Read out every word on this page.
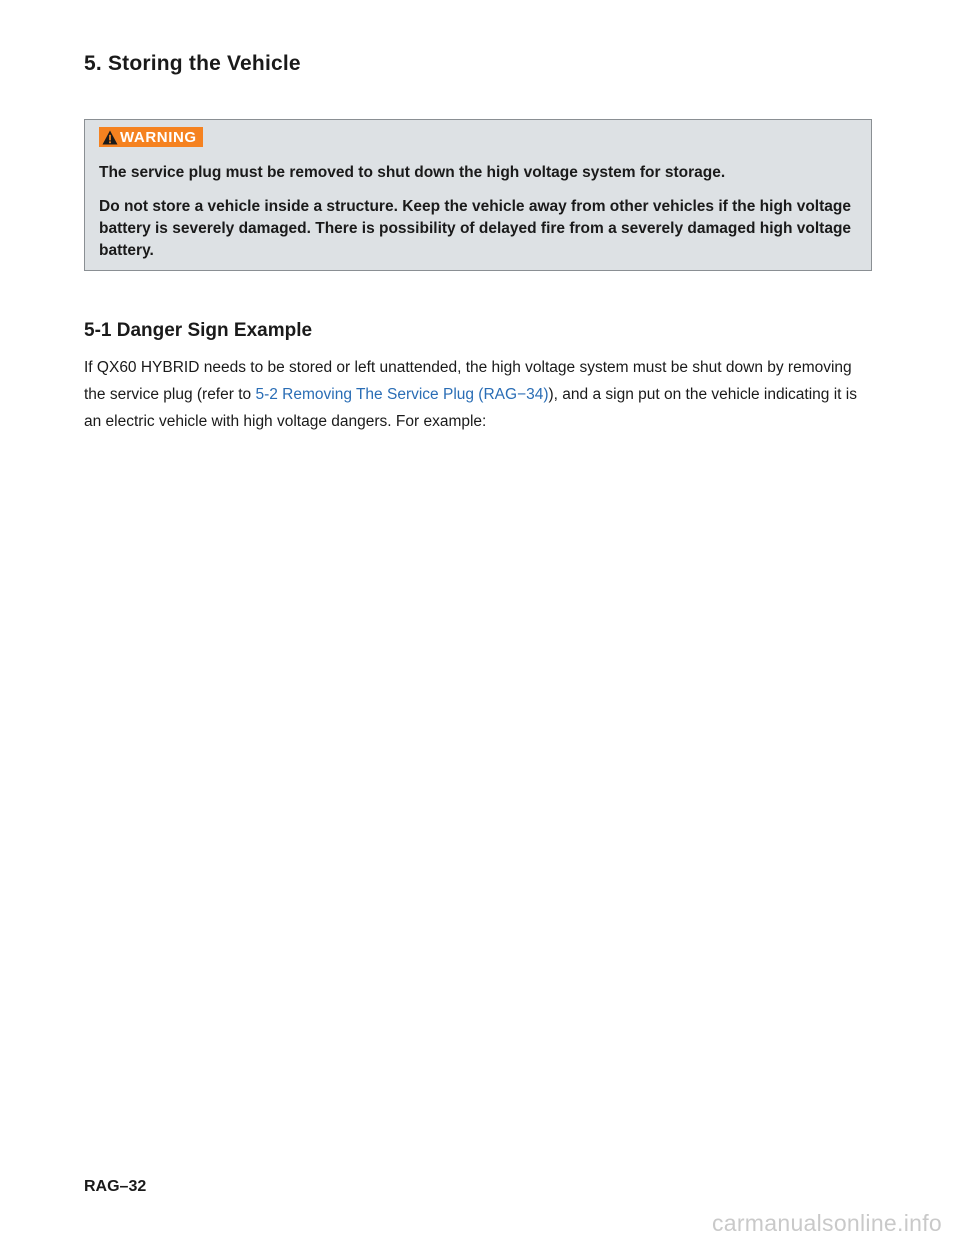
5. Storing the Vehicle
WARNING

The service plug must be removed to shut down the high voltage system for storage.

Do not store a vehicle inside a structure. Keep the vehicle away from other vehicles if the high voltage battery is severely damaged. There is possibility of delayed fire from a severely damaged high voltage battery.

5-1 Danger Sign Example

If QX60 HYBRID needs to be stored or left unattended, the high voltage system must be shut down by removing the service plug (refer to 5-2 Removing The Service Plug (RAG−34)), and a sign put on the vehicle indicating it is an electric vehicle with high voltage dangers. For example:

RAG–32
carmanualsonline.info
